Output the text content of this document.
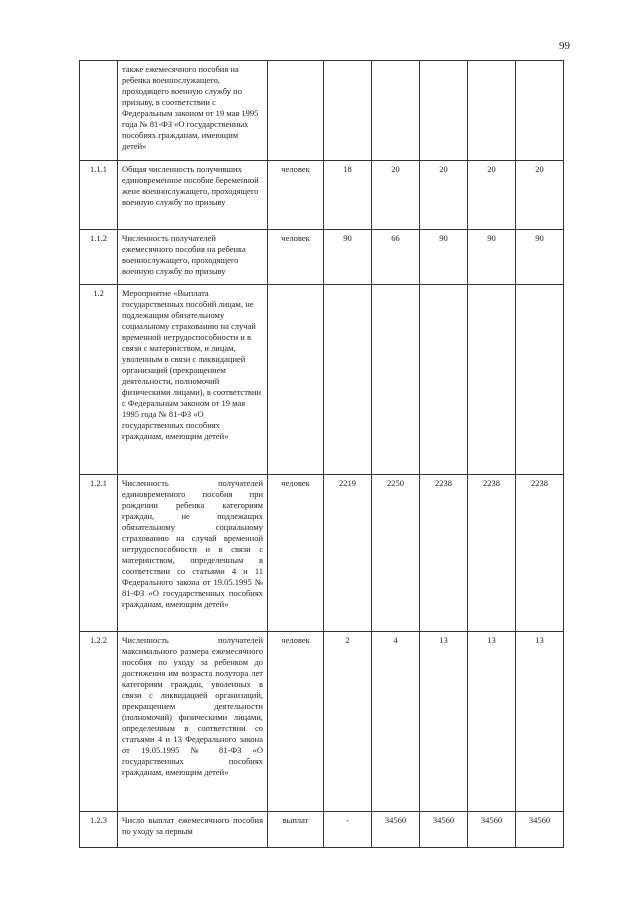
99
	также ежемесячного пособия на ребенка военнослужащего, проходящего военную службу по призыву, в соответствии с Федеральным законом от 19 мая 1995 года № 81-ФЗ «О государственных пособиях гражданам, имеющим детей»						
1.1.1	Общая численность получивших единовременное пособие беременной жене военнослужащего, проходящего военную службу по призыву	человек	18	20	20	20	20
1.1.2	Численность получателей ежемесячного пособия на ребенка военнослужащего, проходящего военную службу по призыву	человек	90	66	90	90	90
1.2	Мероприятие «Выплата государственных пособий лицам, не подлежащим обязательному социальному страхованию на случай временной нетрудоспособности и в связи с материнством, и лицам, уволенным в связи с ликвидацией организаций (прекращением деятельности, полномочий физическими лицами), в соответствии с Федеральным законом от 19 мая 1995 года № 81-ФЗ «О государственных пособиях гражданам, имеющим детей»						
1.2.1	Численность получателей единовременного пособия при рождении ребенка категориям граждан, не подлежащих обязательному социальному страхованию на случай временной нетрудоспособности и в связи с материнством, определенным в соответствии со статьями 4 и 11 Федерального закона от 19.05.1995 № 81-ФЗ «О государственных пособиях гражданам, имеющим детей»	человек	2219	2250	2238	2238	2238
1.2.2	Численность получателей максимального размера ежемесячного пособия по уходу за ребенком до достижения им возраста полутора лет категориям граждан, уволенных в связи с ликвидацией организаций, прекращением деятельности (полномочий) физическими лицами, определенным в соответствии со статьями 4 и 13 Федерального закона от 19.05.1995 № 81-ФЗ «О государственных пособиях гражданам, имеющим детей»	человек	2	4	13	13	13
1.2.3	Число выплат ежемесячного пособия по уходу за первым	выплат	-	34560	34560	34560	34560
